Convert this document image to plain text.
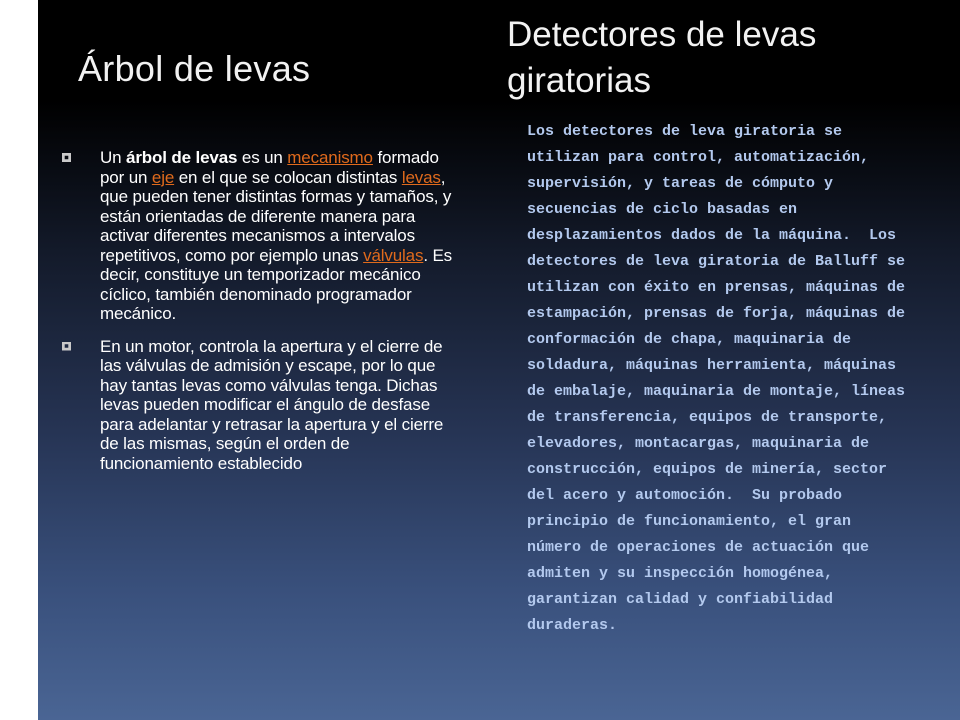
Árbol de levas
Detectores de levas giratorias
Un árbol de levas es un mecanismo formado por un eje en el que se colocan distintas levas, que pueden tener distintas formas y tamaños, y están orientadas de diferente manera para activar diferentes mecanismos a intervalos repetitivos, como por ejemplo unas válvulas. Es decir, constituye un temporizador mecánico cíclico, también denominado programador mecánico.
En un motor, controla la apertura y el cierre de las válvulas de admisión y escape, por lo que hay tantas levas como válvulas tenga. Dichas levas pueden modificar el ángulo de desfase para adelantar y retrasar la apertura y el cierre de las mismas, según el orden de funcionamiento establecido

Los detectores de leva giratoria se utilizan para control, automatización, supervisión, y tareas de cómputo y secuencias de ciclo basadas en desplazamientos dados de la máquina.  Los detectores de leva giratoria de Balluff se utilizan con éxito en prensas, máquinas de estampación, prensas de forja, máquinas de conformación de chapa, maquinaria de soldadura, máquinas herramienta, máquinas de embalaje, maquinaria de montaje, líneas de transferencia, equipos de transporte, elevadores, montacargas, maquinaria de construcción, equipos de minería, sector del acero y automoción.  Su probado principio de funcionamiento, el gran número de operaciones de actuación que admiten y su inspección homogénea, garantizan calidad y confiabilidad duraderas.
